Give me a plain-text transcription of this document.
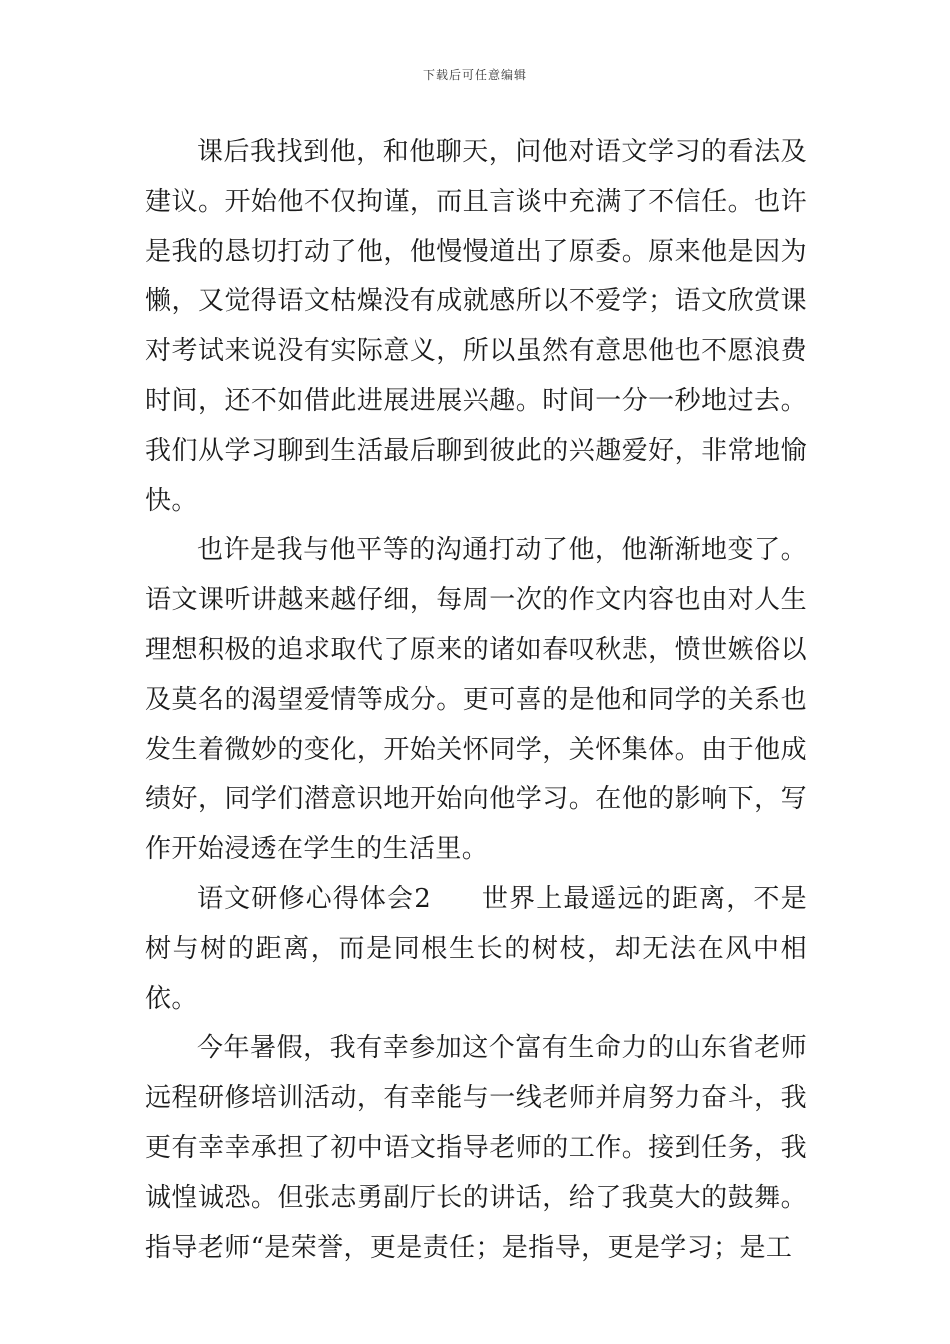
下载后可任意编辑

课后我找到他，和他聊天，问他对语文学习的看法及建议。开始他不仅拘谨，而且言谈中充满了不信任。也许是我的恳切打动了他，他慢慢道出了原委。原来他是因为懒，又觉得语文枯燥没有成就感所以不爱学；语文欣赏课对考试来说没有实际意义，所以虽然有意思他也不愿浪费时间，还不如借此进展进展兴趣。时间一分一秒地过去。我们从学习聊到生活最后聊到彼此的兴趣爱好，非常地愉快。

也许是我与他平等的沟通打动了他，他渐渐地变了。语文课听讲越来越仔细，每周一次的作文内容也由对人生理想积极的追求取代了原来的诸如春叹秋悲，愤世嫉俗以及莫名的渴望爱情等成分。更可喜的是他和同学的关系也发生着微妙的变化，开始关怀同学，关怀集体。由于他成绩好，同学们潜意识地开始向他学习。在他的影响下，写作开始浸透在学生的生活里。

语文研修心得体会2 世界上最遥远的距离，不是树与树的距离，而是同根生长的树枝，却无法在风中相依。

今年暑假，我有幸参加这个富有生命力的山东省老师远程研修培训活动，有幸能与一线老师并肩努力奋斗，我更有幸幸承担了初中语文指导老师的工作。接到任务，我诚惶诚恐。但张志勇副厅长的讲话，给了我莫大的鼓舞。指导老师“是荣誉，更是责任；是指导，更是学习；是工
